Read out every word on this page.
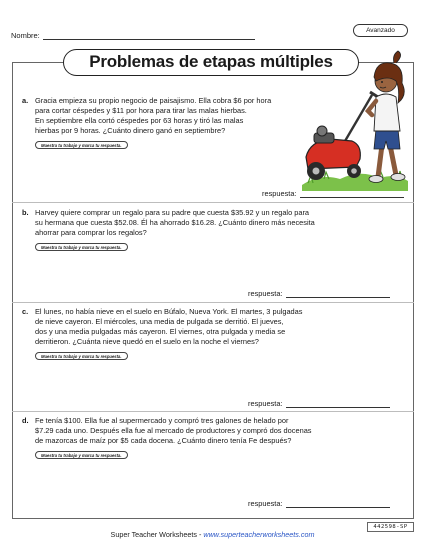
Nombre:
Avanzado
Problemas de etapas múltiples
a. Gracia empieza su propio negocio de paisajismo. Ella cobra $6 por hora
para cortar céspedes y $11 por hora para tirar las malas hierbas.
En septiembre ella cortó céspedes por 63 horas y tiró las malas
hierbas por 9 horas. ¿Cuánto dinero ganó en septiembre?
Muestra tu trabajo y marca tu respuesta.
respuesta:
b. Harvey quiere comprar un regalo para su padre que cuesta $35.92 y un regalo para
su hermana que cuesta $52.08. Él ha ahorrado $16.28. ¿Cuánto dinero más necesita
ahorrar para comprar los regalos?
Muestra tu trabajo y marca tu respuesta.
respuesta:
c. El lunes, no había nieve en el suelo en Búfalo, Nueva York. El martes, 3 pulgadas
de nieve cayeron. El miércoles, una media de pulgada se derritió. El jueves,
dos y una media pulgadas más cayeron. El viernes, otra pulgada y media se
derritieron. ¿Cuánta nieve quedó en el suelo en la noche el viernes?
Muestra tu trabajo y marca tu respuesta.
respuesta:
d. Fe tenía $100. Ella fue al supermercado y compró tres galones de helado por
$7.29 cada uno. Después ella fue al mercado de productores y compró dos docenas
de mazorcas de maíz por $5 cada docena. ¿Cuánto dinero tenía Fe después?
Muestra tu trabajo y marca tu respuesta.
respuesta:
442598-SP
Super Teacher Worksheets - www.superteacherworksheets.com
